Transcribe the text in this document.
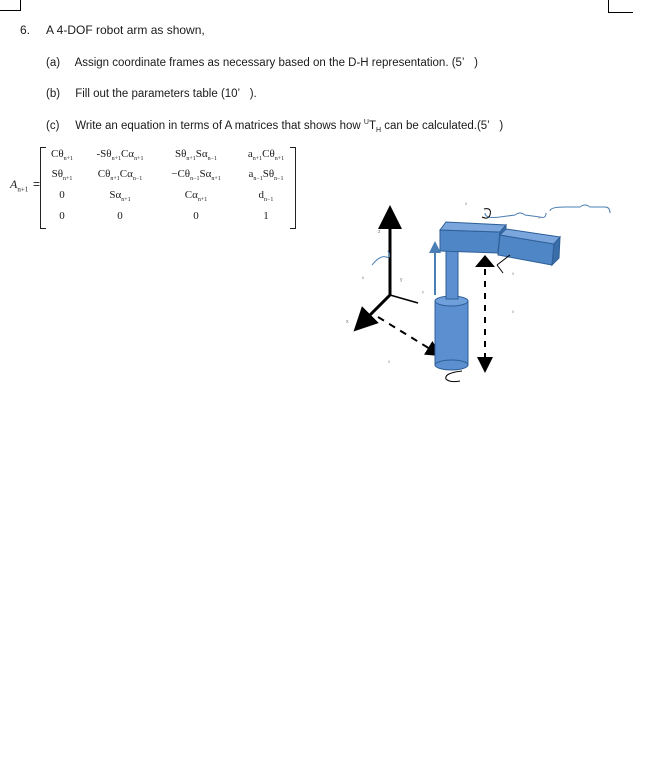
6. A 4-DOF robot arm as shown,
(a) Assign coordinate frames as necessary based on the D-H representation. (5’   )
(b) Fill out the parameters table (10’   ).
(c) Write an equation in terms of A matrices that shows how $^UT_H$ can be calculated.(5’   )
$A_{n+1}$ =
$C\theta_{n+1}$	$-S\theta_{n+1}C\alpha_{n+1}$	$S\theta_{n+1}S\alpha_{n-1}$	$a_{n+1}C\theta_{n+1}$
$S\theta_{n+1}$	$C\theta_{n+1}C\alpha_{n-1}$	$-C\theta_{n-1}S\alpha_{n+1}$	$a_{n-1}S\theta_{n-1}$
0	$S\alpha_{n+1}$	$C\alpha_{n+1}$	$d_{n-1}$
0	0	0	1
z
x
y
6
0
0
0
0
0
y
